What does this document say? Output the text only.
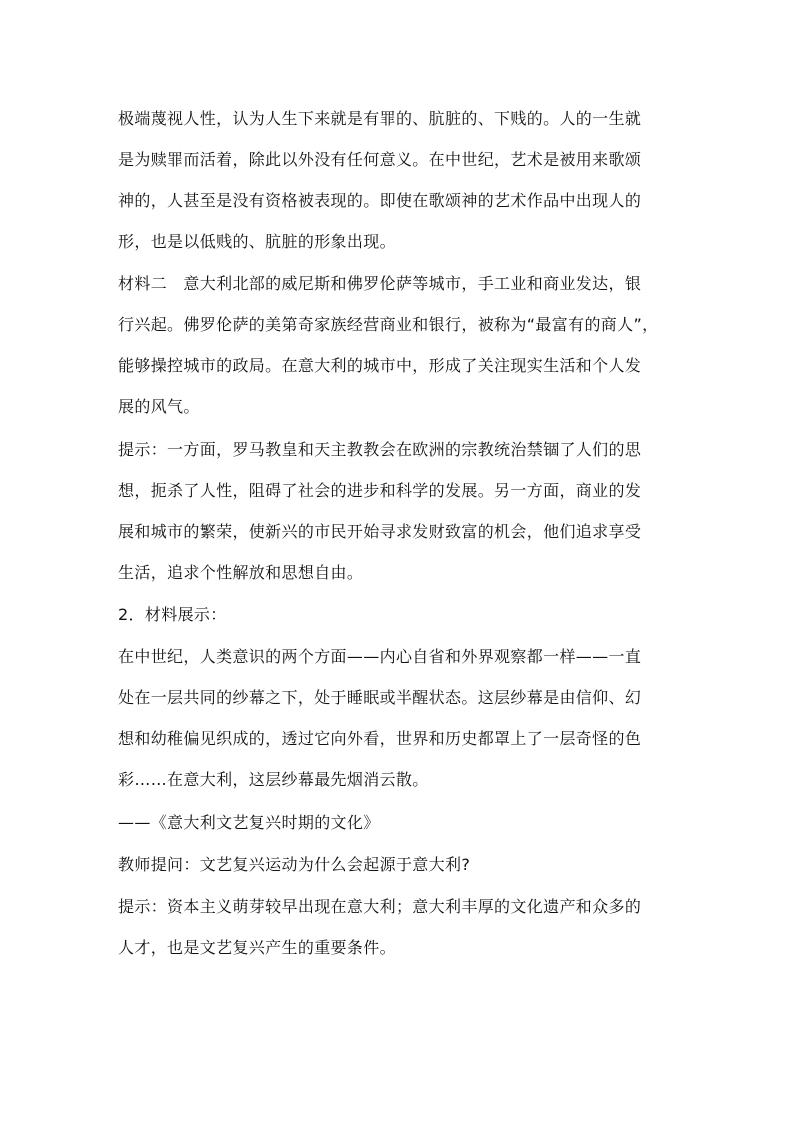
极端蔑视人性，认为人生下来就是有罪的、肮脏的、下贱的。人的一生就

是为赎罪而活着，除此以外没有任何意义。在中世纪，艺术是被用来歌颂

神的，人甚至是没有资格被表现的。即使在歌颂神的艺术作品中出现人的

形，也是以低贱的、肮脏的形象出现。

材料二　意大利北部的威尼斯和佛罗伦萨等城市，手工业和商业发达，银

行兴起。佛罗伦萨的美第奇家族经营商业和银行，被称为“最富有的商人”，

能够操控城市的政局。在意大利的城市中，形成了关注现实生活和个人发

展的风气。

提示：一方面，罗马教皇和天主教教会在欧洲的宗教统治禁锢了人们的思

想，扼杀了人性，阻碍了社会的进步和科学的发展。另一方面，商业的发

展和城市的繁荣，使新兴的市民开始寻求发财致富的机会，他们追求享受

生活，追求个性解放和思想自由。

2．材料展示：

在中世纪，人类意识的两个方面——内心自省和外界观察都一样——一直

处在一层共同的纱幕之下，处于睡眠或半醒状态。这层纱幕是由信仰、幻

想和幼稚偏见织成的，透过它向外看，世界和历史都罩上了一层奇怪的色

彩……在意大利，这层纱幕最先烟消云散。

——《意大利文艺复兴时期的文化》

教师提问：文艺复兴运动为什么会起源于意大利?

提示：资本主义萌芽较早出现在意大利；意大利丰厚的文化遗产和众多的

人才，也是文艺复兴产生的重要条件。
